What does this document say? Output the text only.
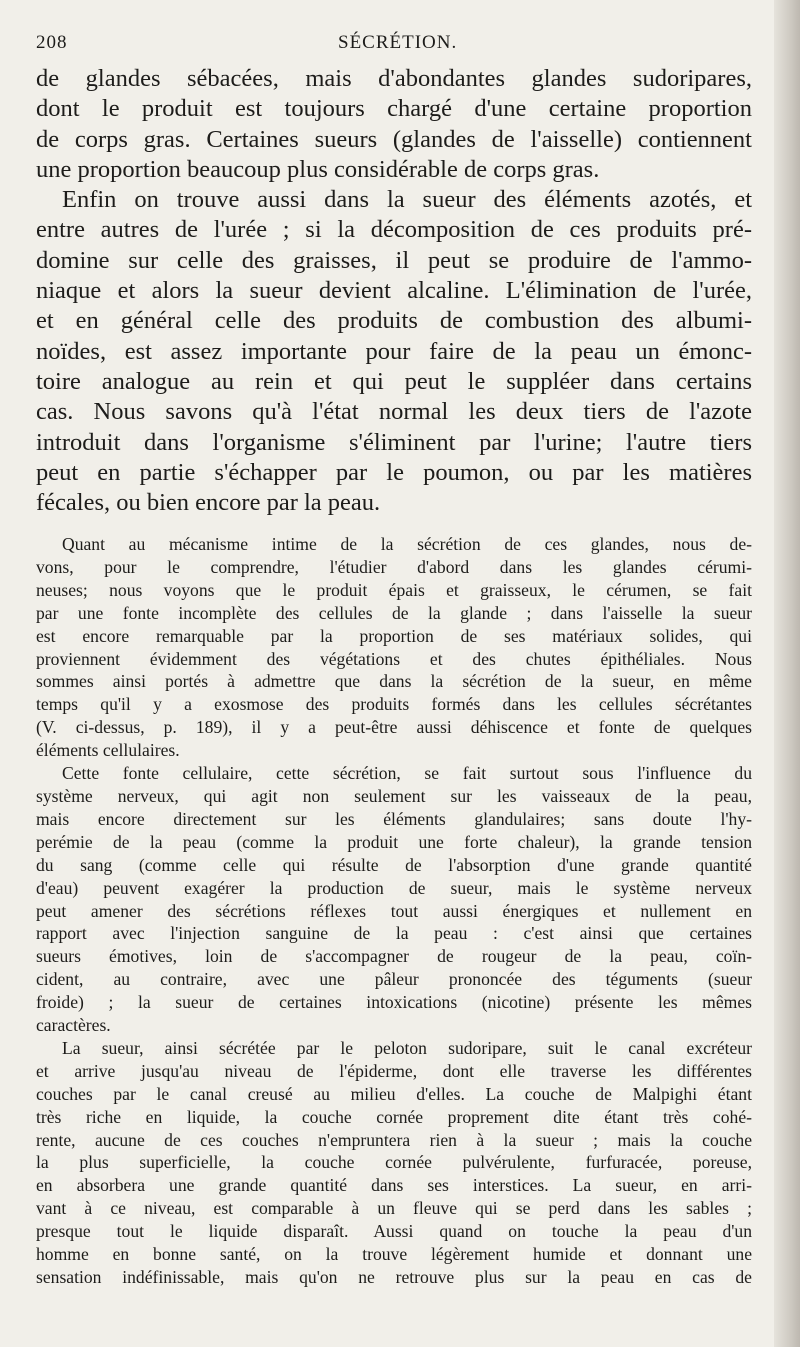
208	SÉCRÉTION.

de glandes sébacées, mais d'abondantes glandes sudoripares,
dont le produit est toujours chargé d'une certaine proportion
de corps gras. Certaines sueurs (glandes de l'aisselle) contiennent
une proportion beaucoup plus considérable de corps gras.

Enfin on trouve aussi dans la sueur des éléments azotés, et
entre autres de l'urée ; si la décomposition de ces produits pré-
domine sur celle des graisses, il peut se produire de l'ammo-
niaque et alors la sueur devient alcaline. L'élimination de l'urée,
et en général celle des produits de combustion des albumi-
noïdes, est assez importante pour faire de la peau un émonc-
toire analogue au rein et qui peut le suppléer dans certains
cas. Nous savons qu'à l'état normal les deux tiers de l'azote
introduit dans l'organisme s'éliminent par l'urine; l'autre tiers
peut en partie s'échapper par le poumon, ou par les matières
fécales, ou bien encore par la peau.

Quant au mécanisme intime de la sécrétion de ces glandes, nous de-
vons, pour le comprendre, l'étudier d'abord dans les glandes cérumi-
neuses; nous voyons que le produit épais et graisseux, le cérumen, se fait
par une fonte incomplète des cellules de la glande ; dans l'aisselle la sueur
est encore remarquable par la proportion de ses matériaux solides, qui
proviennent évidemment des végétations et des chutes épithéliales. Nous
sommes ainsi portés à admettre que dans la sécrétion de la sueur, en même
temps qu'il y a exosmose des produits formés dans les cellules sécrétantes
(V. ci-dessus, p. 189), il y a peut-être aussi déhiscence et fonte de quelques
éléments cellulaires.

Cette fonte cellulaire, cette sécrétion, se fait surtout sous l'influence du
système nerveux, qui agit non seulement sur les vaisseaux de la peau,
mais encore directement sur les éléments glandulaires; sans doute l'hy-
perémie de la peau (comme la produit une forte chaleur), la grande tension
du sang (comme celle qui résulte de l'absorption d'une grande quantité
d'eau) peuvent exagérer la production de sueur, mais le système nerveux
peut amener des sécrétions réflexes tout aussi énergiques et nullement en
rapport avec l'injection sanguine de la peau : c'est ainsi que certaines
sueurs émotives, loin de s'accompagner de rougeur de la peau, coïn-
cident, au contraire, avec une pâleur prononcée des téguments (sueur
froide) ; la sueur de certaines intoxications (nicotine) présente les mêmes
caractères.

La sueur, ainsi sécrétée par le peloton sudoripare, suit le canal excréteur
et arrive jusqu'au niveau de l'épiderme, dont elle traverse les différentes
couches par le canal creusé au milieu d'elles. La couche de Malpighi étant
très riche en liquide, la couche cornée proprement dite étant très cohé-
rente, aucune de ces couches n'empruntera rien à la sueur ; mais la couche
la plus superficielle, la couche cornée pulvérulente, furfuracée, poreuse,
en absorbera une grande quantité dans ses interstices. La sueur, en arri-
vant à ce niveau, est comparable à un fleuve qui se perd dans les sables ;
presque tout le liquide disparaît. Aussi quand on touche la peau d'un
homme en bonne santé, on la trouve légèrement humide et donnant une
sensation indéfinissable, mais qu'on ne retrouve plus sur la peau en cas de
